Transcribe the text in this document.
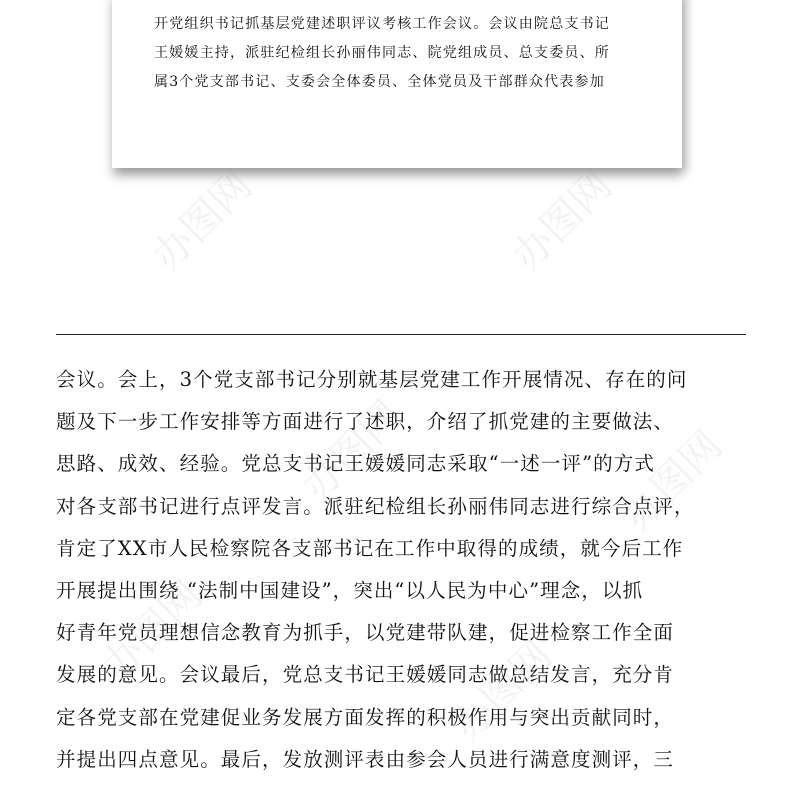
开党组织书记抓基层党建述职评议考核工作会议。会议由院总支书记
王媛媛主持，派驻纪检组长孙丽伟同志、院党组成员、总支委员、所
属3个党支部书记、支委会全体委员、全体党员及干部群众代表参加

会议。会上，3个党支部书记分别就基层党建工作开展情况、存在的问
题及下一步工作安排等方面进行了述职，介绍了抓党建的主要做法、
思路、成效、经验。党总支书记王媛媛同志采取“一述一评”的方式
对各支部书记进行点评发言。派驻纪检组长孙丽伟同志进行综合点评，
肯定了XX市人民检察院各支部书记在工作中取得的成绩，就今后工作
开展提出围绕 “法制中国建设”，突出“以人民为中心”理念，以抓
好青年党员理想信念教育为抓手，以党建带队建，促进检察工作全面
发展的意见。会议最后，党总支书记王媛媛同志做总结发言，充分肯
定各党支部在党建促业务发展方面发挥的积极作用与突出贡献同时，
并提出四点意见。最后，发放测评表由参会人员进行满意度测评，三

办图网	办图网
办图网	办图网
办图网
办图网
